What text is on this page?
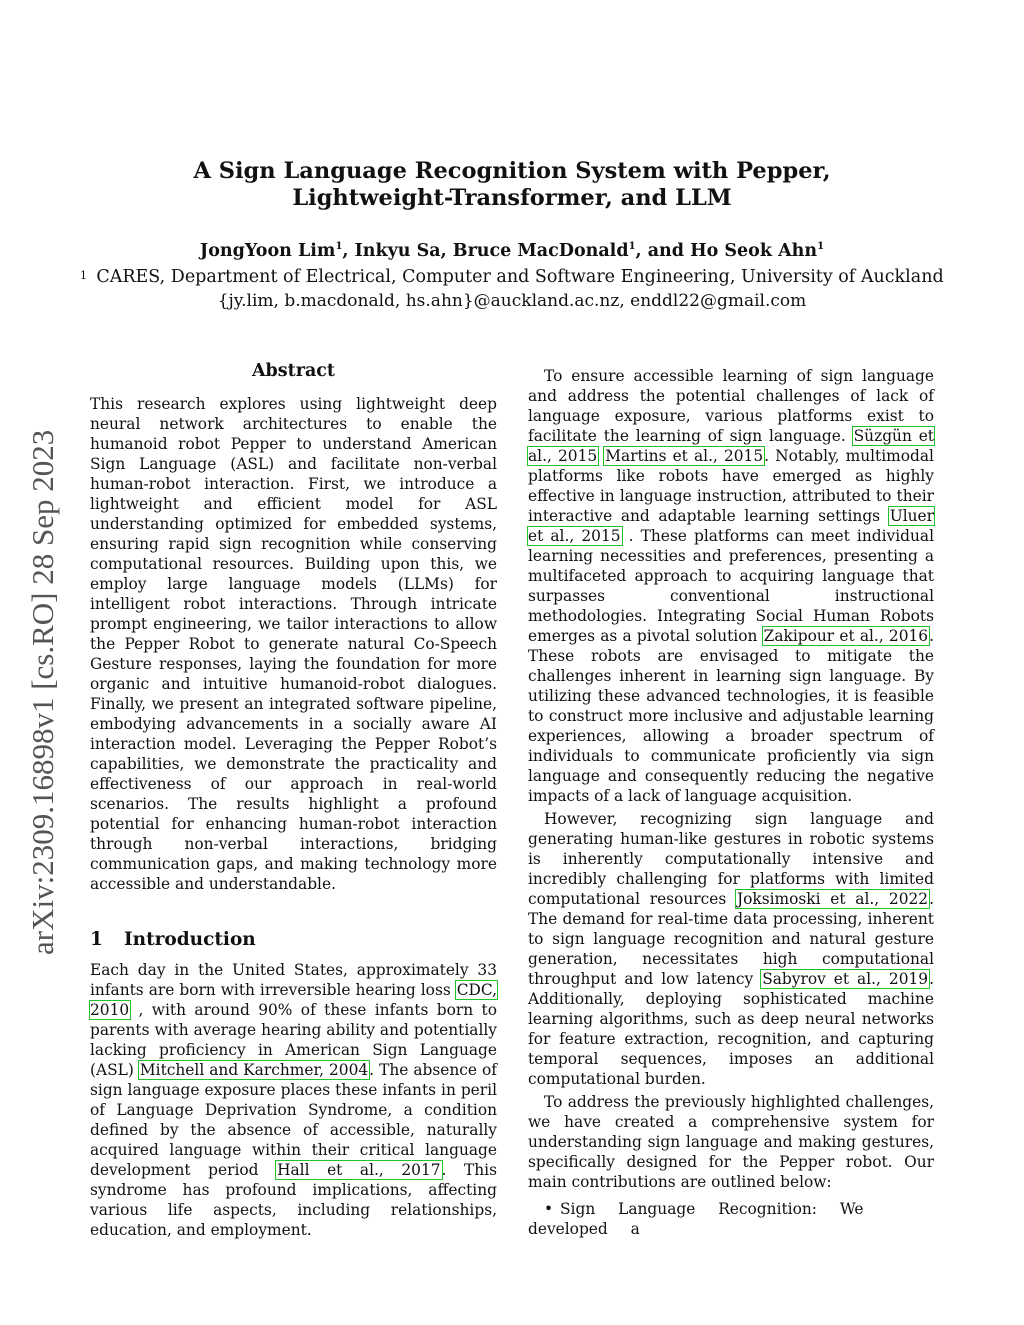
A Sign Language Recognition System with Pepper,
Lightweight-Transformer, and LLM
JongYoon Lim$^1$, Inkyu Sa, Bruce MacDonald$^1$, and Ho Seok Ahn$^1$
1 CARES, Department of Electrical, Computer and Software Engineering, University of Auckland
{jy.lim, b.macdonald, hs.ahn}@auckland.ac.nz, enddl22@gmail.com
arXiv:2309.16898v1 [cs.RO] 28 Sep 2023
Abstract

This research explores using lightweight deep neural network architectures to enable the humanoid robot Pepper to understand American Sign Language (ASL) and facilitate non-verbal human-robot interaction. First, we introduce a lightweight and efficient model for ASL understanding optimized for embedded systems, ensuring rapid sign recognition while conserving computational resources. Building upon this, we employ large language models (LLMs) for intelligent robot interactions. Through intricate prompt engineering, we tailor interactions to allow the Pepper Robot to generate natural Co-Speech Gesture responses, laying the foundation for more organic and intuitive humanoid-robot dialogues. Finally, we present an integrated software pipeline, embodying advancements in a socially aware AI interaction model. Leveraging the Pepper Robot’s capabilities, we demonstrate the practicality and effectiveness of our approach in real-world scenarios. The results highlight a profound potential for enhancing human-robot interaction through non-verbal interactions, bridging communication gaps, and making technology more accessible and understandable.

1 Introduction

Each day in the United States, approximately 33 infants are born with irreversible hearing loss CDC, 2010 , with around 90% of these infants born to parents with average hearing ability and potentially lacking proficiency in American Sign Language (ASL) Mitchell and Karchmer, 2004. The absence of sign language exposure places these infants in peril of Language Deprivation Syndrome, a condition defined by the absence of accessible, naturally acquired language within their critical language development period Hall et al., 2017. This syndrome has profound implications, affecting various life aspects, including relationships, education, and employment.

To ensure accessible learning of sign language and address the potential challenges of lack of language exposure, various platforms exist to facilitate the learning of sign language. Süzgün et al., 2015 Martins et al., 2015. Notably, multimodal platforms like robots have emerged as highly effective in language instruction, attributed to their interactive and adaptable learning settings Uluer et al., 2015 . These platforms can meet individual learning necessities and preferences, presenting a multifaceted approach to acquiring language that surpasses conventional instructional methodologies. Integrating Social Human Robots emerges as a pivotal solution Zakipour et al., 2016. These robots are envisaged to mitigate the challenges inherent in learning sign language. By utilizing these advanced technologies, it is feasible to construct more inclusive and adjustable learning experiences, allowing a broader spectrum of individuals to communicate proficiently via sign language and consequently reducing the negative impacts of a lack of language acquisition.

However, recognizing sign language and generating human-like gestures in robotic systems is inherently computationally intensive and incredibly challenging for platforms with limited computational resources Joksimoski et al., 2022. The demand for real-time data processing, inherent to sign language recognition and natural gesture generation, necessitates high computational throughput and low latency Sabyrov et al., 2019. Additionally, deploying sophisticated machine learning algorithms, such as deep neural networks for feature extraction, recognition, and capturing temporal sequences, imposes an additional computational burden.

To address the previously highlighted challenges, we have created a comprehensive system for understanding sign language and making gestures, specifically designed for the Pepper robot. Our main contributions are outlined below:

• Sign Language Recognition: We developed a
